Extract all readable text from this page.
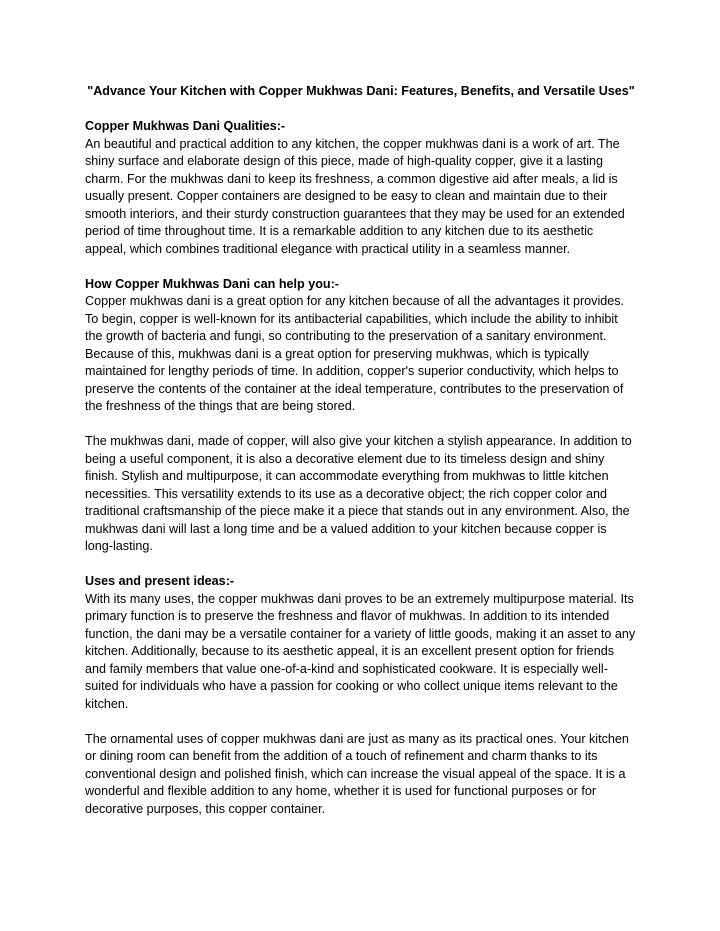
"Advance Your Kitchen with Copper Mukhwas Dani: Features, Benefits, and Versatile Uses"
Copper Mukhwas Dani Qualities:-

An beautiful and practical addition to any kitchen, the copper mukhwas dani is a work of art. The shiny surface and elaborate design of this piece, made of high-quality copper, give it a lasting charm. For the mukhwas dani to keep its freshness, a common digestive aid after meals, a lid is usually present. Copper containers are designed to be easy to clean and maintain due to their smooth interiors, and their sturdy construction guarantees that they may be used for an extended period of time throughout time. It is a remarkable addition to any kitchen due to its aesthetic appeal, which combines traditional elegance with practical utility in a seamless manner.

How Copper Mukhwas Dani can help you:-

Copper mukhwas dani is a great option for any kitchen because of all the advantages it provides. To begin, copper is well-known for its antibacterial capabilities, which include the ability to inhibit the growth of bacteria and fungi, so contributing to the preservation of a sanitary environment. Because of this, mukhwas dani is a great option for preserving mukhwas, which is typically maintained for lengthy periods of time. In addition, copper's superior conductivity, which helps to preserve the contents of the container at the ideal temperature, contributes to the preservation of the freshness of the things that are being stored.

The mukhwas dani, made of copper, will also give your kitchen a stylish appearance. In addition to being a useful component, it is also a decorative element due to its timeless design and shiny finish. Stylish and multipurpose, it can accommodate everything from mukhwas to little kitchen necessities. This versatility extends to its use as a decorative object; the rich copper color and traditional craftsmanship of the piece make it a piece that stands out in any environment. Also, the mukhwas dani will last a long time and be a valued addition to your kitchen because copper is long-lasting.

Uses and present ideas:-

With its many uses, the copper mukhwas dani proves to be an extremely multipurpose material. Its primary function is to preserve the freshness and flavor of mukhwas. In addition to its intended function, the dani may be a versatile container for a variety of little goods, making it an asset to any kitchen. Additionally, because to its aesthetic appeal, it is an excellent present option for friends and family members that value one-of-a-kind and sophisticated cookware. It is especially well-suited for individuals who have a passion for cooking or who collect unique items relevant to the kitchen.

The ornamental uses of copper mukhwas dani are just as many as its practical ones. Your kitchen or dining room can benefit from the addition of a touch of refinement and charm thanks to its conventional design and polished finish, which can increase the visual appeal of the space. It is a wonderful and flexible addition to any home, whether it is used for functional purposes or for decorative purposes, this copper container.
